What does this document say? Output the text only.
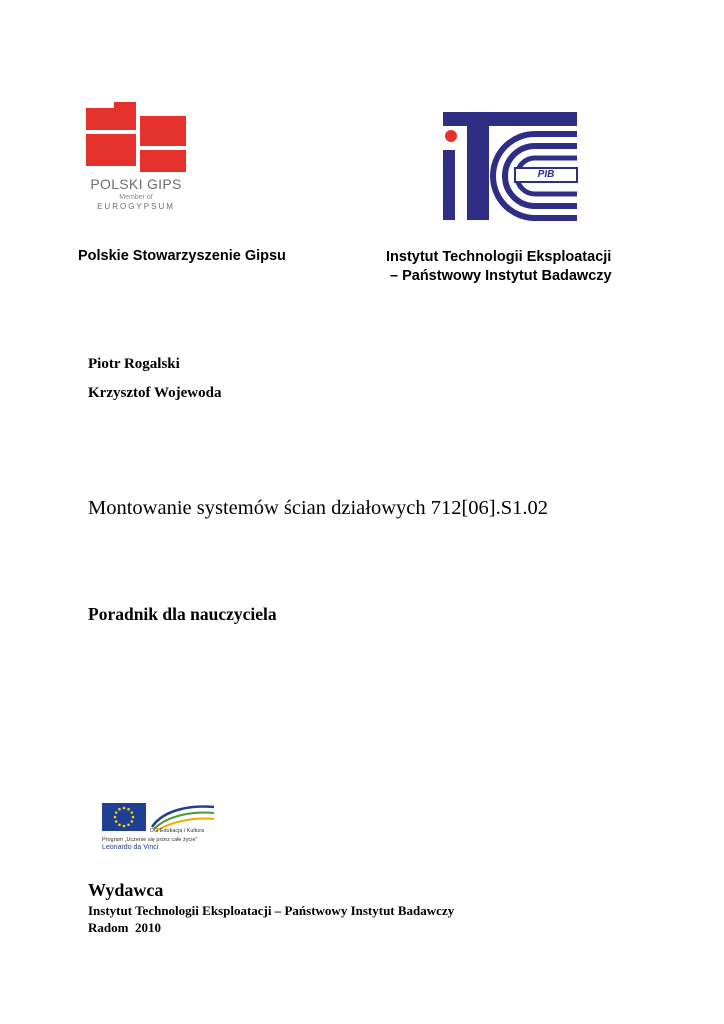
POLSKI GIPS
Member of
EUROGYPSUM
PIB
Polskie Stowarzyszenie Gipsu	Instytut Technologii Eksploatacji
– Państwowy Instytut Badawczy
Piotr Rogalski
Krzysztof Wojewoda
Montowanie systemów ścian działowych 712[06].S1.02
Poradnik dla nauczyciela
DG Edukacja i Kultura
Program „Uczenie się przez całe życie”
Leonardo da Vinci
Wydawca
Instytut Technologii Eksploatacji – Państwowy Instytut Badawczy
Radom  2010
